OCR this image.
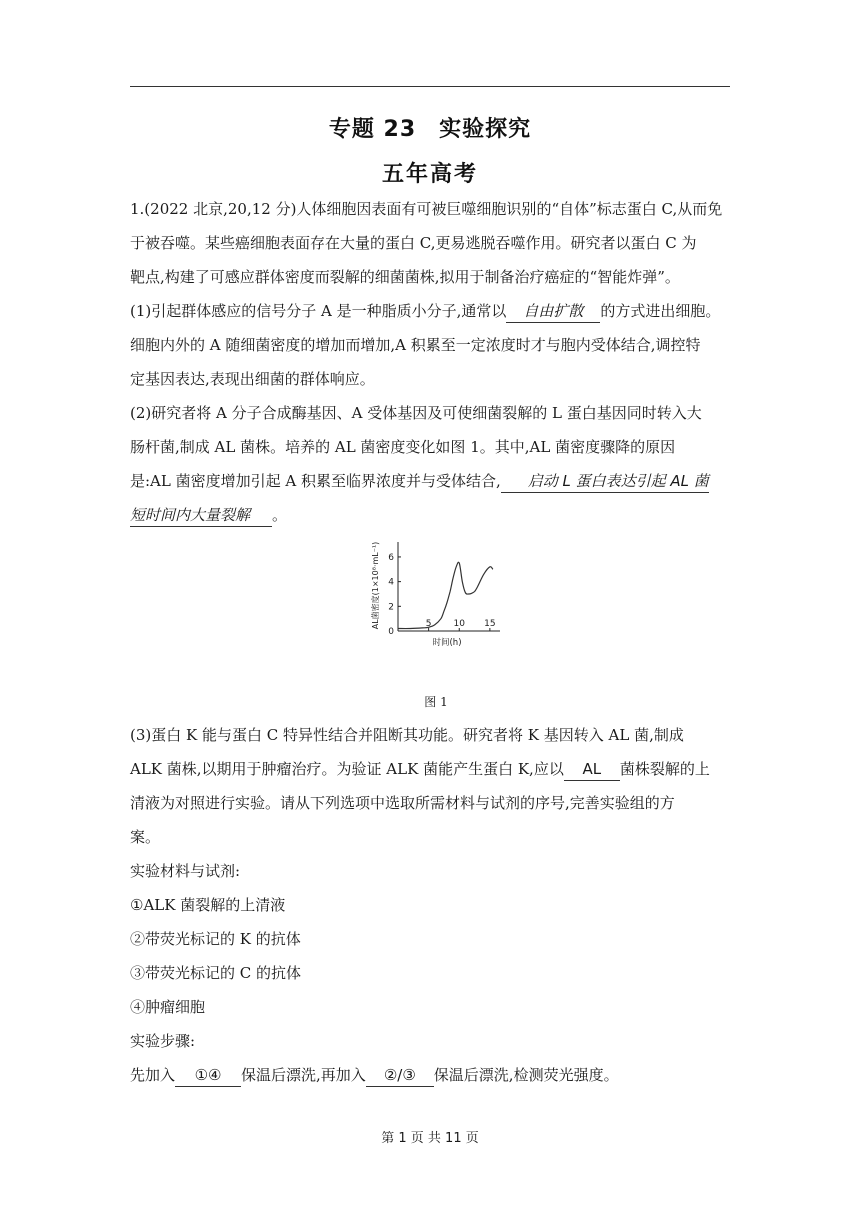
专题 23　实验探究
五年高考

1.(2022 北京,20,12 分)人体细胞因表面有可被巨噬细胞识别的“自体”标志蛋白 C,从而免

于被吞噬。某些癌细胞表面存在大量的蛋白 C,更易逃脱吞噬作用。研究者以蛋白 C 为

靶点,构建了可感应群体密度而裂解的细菌菌株,拟用于制备治疗癌症的“智能炸弹”。

(1)引起群体感应的信号分子 A 是一种脂质小分子,通常以 自由扩散 的方式进出细胞。

细胞内外的 A 随细菌密度的增加而增加,A 积累至一定浓度时才与胞内受体结合,调控特

定基因表达,表现出细菌的群体响应。

(2)研究者将 A 分子合成酶基因、A 受体基因及可使细菌裂解的 L 蛋白基因同时转入大

肠杆菌,制成 AL 菌株。培养的 AL 菌密度变化如图 1。其中,AL 菌密度骤降的原因

是:AL 菌密度增加引起 A 积累至临界浓度并与受体结合, 启动 L 蛋白表达引起 AL 菌

短时间内大量裂解 。

0
2
4
6
5 10 15
时间(h)
AL菌密度(1×10⁸·mL⁻¹)

图 1

(3)蛋白 K 能与蛋白 C 特异性结合并阻断其功能。研究者将 K 基因转入 AL 菌,制成

ALK 菌株,以期用于肿瘤治疗。为验证 ALK 菌能产生蛋白 K,应以 AL 菌株裂解的上

清液为对照进行实验。请从下列选项中选取所需材料与试剂的序号,完善实验组的方

案。

实验材料与试剂:

①ALK 菌裂解的上清液

②带荧光标记的 K 的抗体

③带荧光标记的 C 的抗体

④肿瘤细胞

实验步骤:

先加入 ①④ 保温后漂洗,再加入 ②/③ 保温后漂洗,检测荧光强度。

第 1 页 共 11 页
